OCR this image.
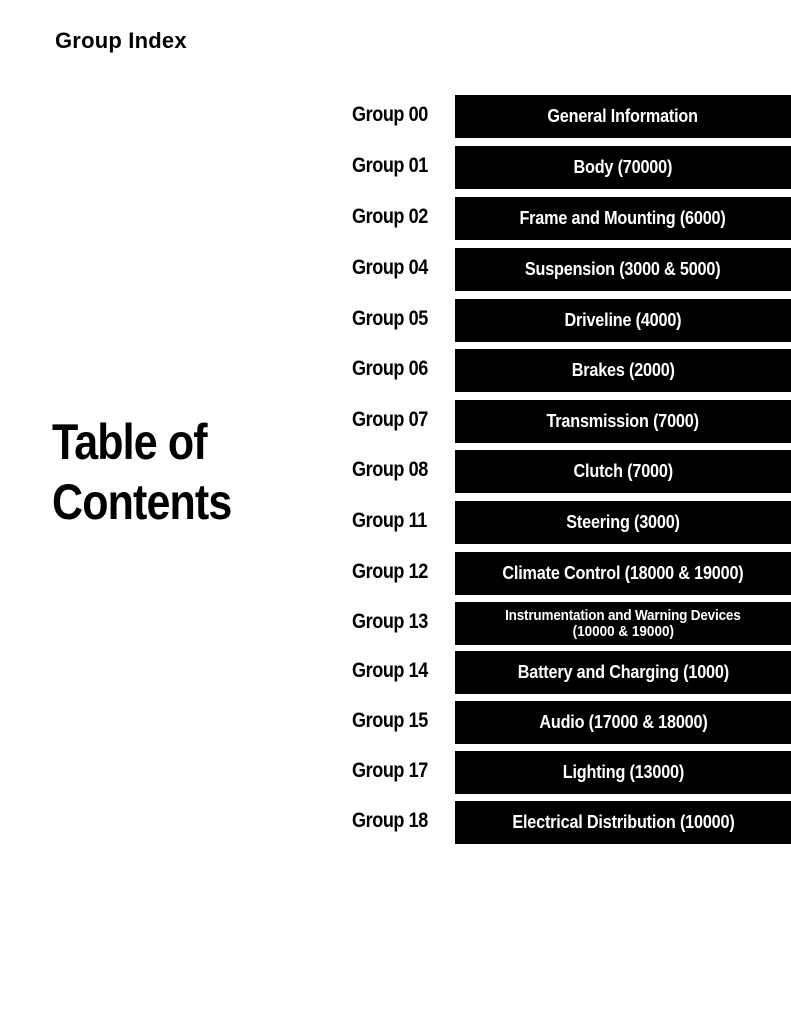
Group Index
Table of
Contents
Group 00	General Information
Group 01	Body (70000)
Group 02	Frame and Mounting (6000)
Group 04	Suspension (3000 & 5000)
Group 05	Driveline (4000)
Group 06	Brakes (2000)
Group 07	Transmission (7000)
Group 08	Clutch (7000)
Group 11	Steering (3000)
Group 12	Climate Control (18000 & 19000)
Group 13	Instrumentation and Warning Devices
(10000 & 19000)
Group 14	Battery and Charging (1000)
Group 15	Audio (17000 & 18000)
Group 17	Lighting (13000)
Group 18	Electrical Distribution (10000)
